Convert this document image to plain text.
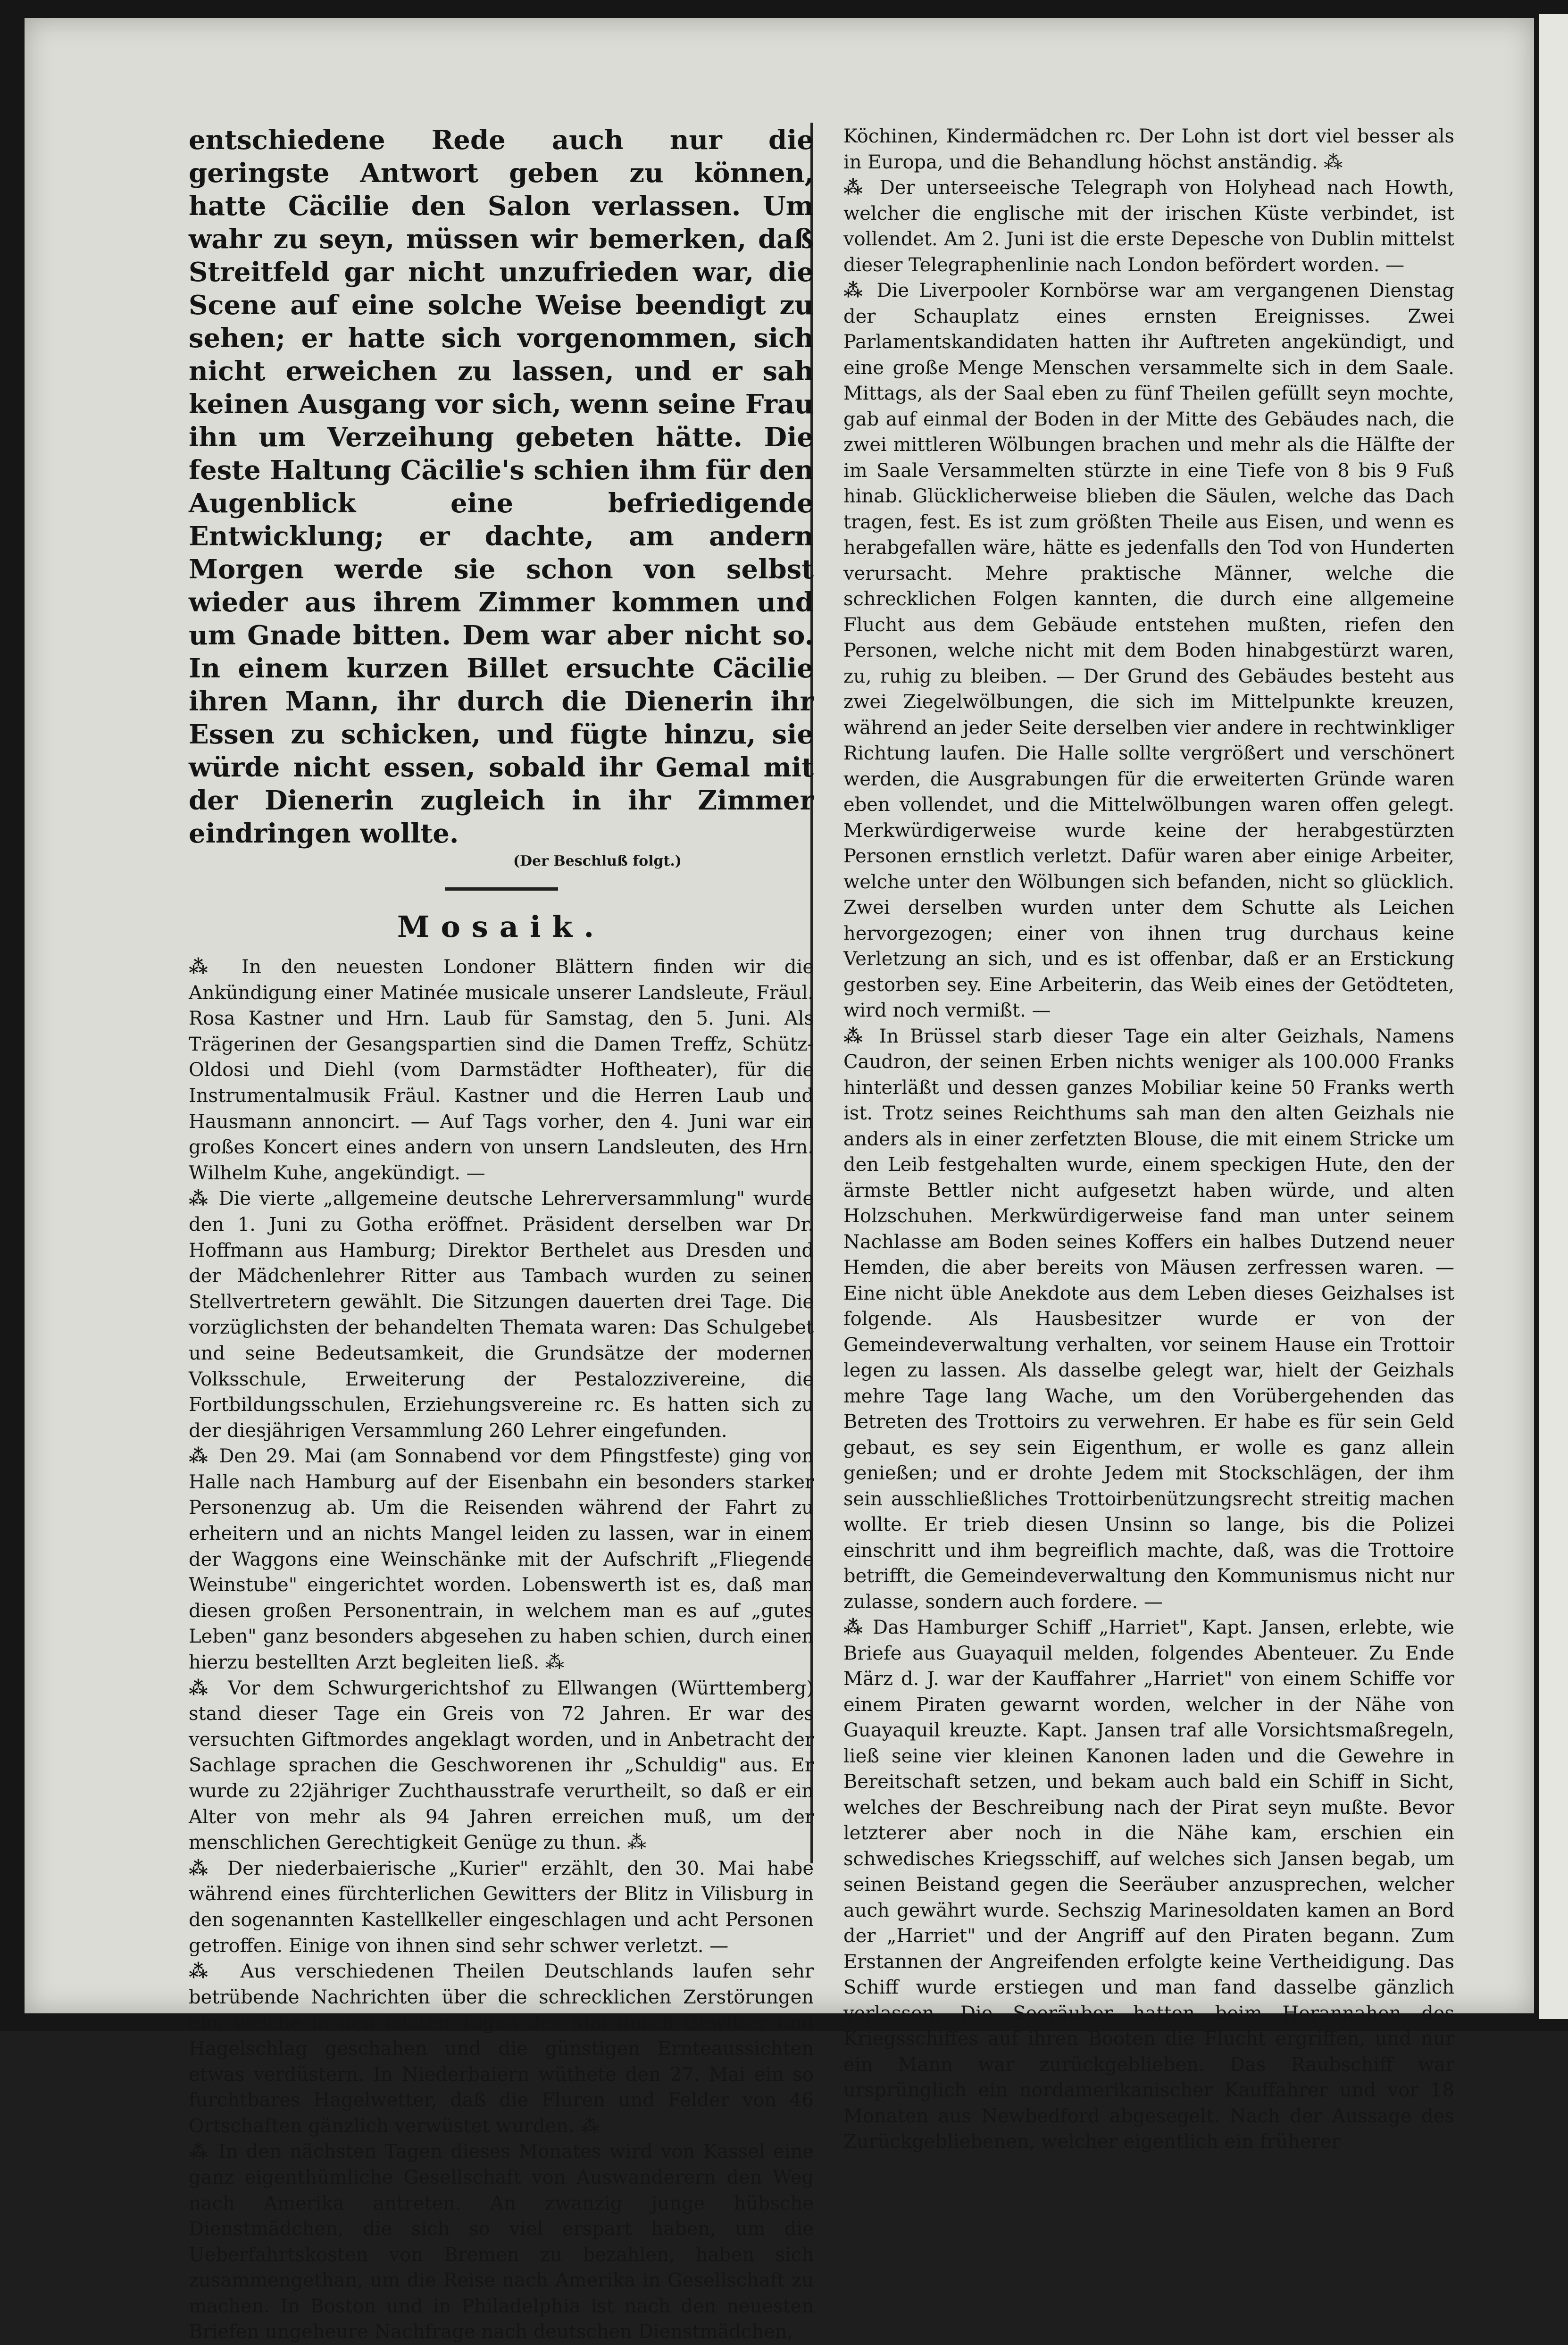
entschiedene Rede auch nur die geringste Antwort geben zu können, hatte Cäcilie den Salon verlassen. Um wahr zu seyn, müssen wir bemerken, daß Streitfeld gar nicht unzufrieden war, die Scene auf eine solche Weise beendigt zu sehen; er hatte sich vorgenommen, sich nicht erweichen zu lassen, und er sah keinen Ausgang vor sich, wenn seine Frau ihn um Verzeihung gebeten hätte. Die feste Haltung Cäcilie's schien ihm für den Augenblick eine befriedigende Entwicklung; er dachte, am andern Morgen werde sie schon von selbst wieder aus ihrem Zimmer kommen und um Gnade bitten. Dem war aber nicht so. In einem kurzen Billet ersuchte Cäcilie ihren Mann, ihr durch die Dienerin ihr Essen zu schicken, und fügte hinzu, sie würde nicht essen, sobald ihr Gemal mit der Dienerin zugleich in ihr Zimmer eindringen wollte.

(Der Beschluß folgt.)
Mosaik.

⁂ In den neuesten Londoner Blättern finden wir die Ankündigung einer Matinée musicale unserer Landsleute, Fräul. Rosa Kastner und Hrn. Laub für Samstag, den 5. Juni. Als Trägerinen der Gesangspartien sind die Damen Treffz, Schütz-Oldosi und Diehl (vom Darmstädter Hoftheater), für die Instrumentalmusik Fräul. Kastner und die Herren Laub und Hausmann annoncirt. — Auf Tags vorher, den 4. Juni war ein großes Koncert eines andern von unsern Landsleuten, des Hrn. Wilhelm Kuhe, angekündigt. —

⁂ Die vierte „allgemeine deutsche Lehrerversammlung" wurde den 1. Juni zu Gotha eröffnet. Präsident derselben war Dr. Hoffmann aus Hamburg; Direktor Berthelet aus Dresden und der Mädchenlehrer Ritter aus Tambach wurden zu seinen Stellvertretern gewählt. Die Sitzungen dauerten drei Tage. Die vorzüglichsten der behandelten Themata waren: Das Schulgebet und seine Bedeutsamkeit, die Grundsätze der modernen Volksschule, Erweiterung der Pestalozzivereine, die Fortbildungsschulen, Erziehungsvereine rc. Es hatten sich zu der diesjährigen Versammlung 260 Lehrer eingefunden.

⁂ Den 29. Mai (am Sonnabend vor dem Pfingstfeste) ging von Halle nach Hamburg auf der Eisenbahn ein besonders starker Personenzug ab. Um die Reisenden während der Fahrt zu erheitern und an nichts Mangel leiden zu lassen, war in einem der Waggons eine Weinschänke mit der Aufschrift „Fliegende Weinstube" eingerichtet worden. Lobenswerth ist es, daß man diesen großen Personentrain, in welchem man es auf „gutes Leben" ganz besonders abgesehen zu haben schien, durch einen hierzu bestellten Arzt begleiten ließ. ⁂

⁂ Vor dem Schwurgerichtshof zu Ellwangen (Württemberg) stand dieser Tage ein Greis von 72 Jahren. Er war des versuchten Giftmordes angeklagt worden, und in Anbetracht der Sachlage sprachen die Geschworenen ihr „Schuldig" aus. Er wurde zu 22jähriger Zuchthausstrafe verurtheilt, so daß er ein Alter von mehr als 94 Jahren erreichen muß, um der menschlichen Gerechtigkeit Genüge zu thun. ⁂

⁂ Der niederbaierische „Kurier" erzählt, den 30. Mai habe während eines fürchterlichen Gewitters der Blitz in Vilisburg in den sogenannten Kastellkeller eingeschlagen und acht Personen getroffen. Einige von ihnen sind sehr schwer verletzt. —

⁂ Aus verschiedenen Theilen Deutschlands laufen sehr betrübende Nachrichten über die schrecklichen Zerstörungen ein, welche in den letzten Tagen des Mai durch Gewitter und Hagelschlag geschahen und die günstigen Ernteaussichten etwas verdüstern. In Niederbaiern wüthete den 27. Mai ein so furchtbares Hagelwetter, daß die Fluren und Felder von 46 Ortschaften gänzlich verwüstet wurden. ⁂

⁂ In den nächsten Tagen dieses Monates wird von Kassel eine ganz eigenthümliche Gesellschaft von Auswanderern den Weg nach Amerika antreten. An zwanzig junge hübsche Dienstmädchen, die sich so viel erspart haben, um die Ueberfahrtskosten von Bremen zu bezahlen, haben sich zusammengethan, um die Reise nach Amerika in Gesellschaft zu machen. In Boston und in Philadelphia ist nach den neuesten Briefen ungeheure Nachfrage nach deutschen Dienstmädchen,

Köchinen, Kindermädchen rc. Der Lohn ist dort viel besser als in Europa, und die Behandlung höchst anständig. ⁂

⁂ Der unterseeische Telegraph von Holyhead nach Howth, welcher die englische mit der irischen Küste verbindet, ist vollendet. Am 2. Juni ist die erste Depesche von Dublin mittelst dieser Telegraphenlinie nach London befördert worden. —

⁂ Die Liverpooler Kornbörse war am vergangenen Dienstag der Schauplatz eines ernsten Ereignisses. Zwei Parlamentskandidaten hatten ihr Auftreten angekündigt, und eine große Menge Menschen versammelte sich in dem Saale. Mittags, als der Saal eben zu fünf Theilen gefüllt seyn mochte, gab auf einmal der Boden in der Mitte des Gebäudes nach, die zwei mittleren Wölbungen brachen und mehr als die Hälfte der im Saale Versammelten stürzte in eine Tiefe von 8 bis 9 Fuß hinab. Glücklicherweise blieben die Säulen, welche das Dach tragen, fest. Es ist zum größten Theile aus Eisen, und wenn es herabgefallen wäre, hätte es jedenfalls den Tod von Hunderten verursacht. Mehre praktische Männer, welche die schrecklichen Folgen kannten, die durch eine allgemeine Flucht aus dem Gebäude entstehen mußten, riefen den Personen, welche nicht mit dem Boden hinabgestürzt waren, zu, ruhig zu bleiben. — Der Grund des Gebäudes besteht aus zwei Ziegelwölbungen, die sich im Mittelpunkte kreuzen, während an jeder Seite derselben vier andere in rechtwinkliger Richtung laufen. Die Halle sollte vergrößert und verschönert werden, die Ausgrabungen für die erweiterten Gründe waren eben vollendet, und die Mittelwölbungen waren offen gelegt. Merkwürdigerweise wurde keine der herabgestürzten Personen ernstlich verletzt. Dafür waren aber einige Arbeiter, welche unter den Wölbungen sich befanden, nicht so glücklich. Zwei derselben wurden unter dem Schutte als Leichen hervorgezogen; einer von ihnen trug durchaus keine Verletzung an sich, und es ist offenbar, daß er an Erstickung gestorben sey. Eine Arbeiterin, das Weib eines der Getödteten, wird noch vermißt. —

⁂ In Brüssel starb dieser Tage ein alter Geizhals, Namens Caudron, der seinen Erben nichts weniger als 100.000 Franks hinterläßt und dessen ganzes Mobiliar keine 50 Franks werth ist. Trotz seines Reichthums sah man den alten Geizhals nie anders als in einer zerfetzten Blouse, die mit einem Stricke um den Leib festgehalten wurde, einem speckigen Hute, den der ärmste Bettler nicht aufgesetzt haben würde, und alten Holzschuhen. Merkwürdigerweise fand man unter seinem Nachlasse am Boden seines Koffers ein halbes Dutzend neuer Hemden, die aber bereits von Mäusen zerfressen waren. — Eine nicht üble Anekdote aus dem Leben dieses Geizhalses ist folgende. Als Hausbesitzer wurde er von der Gemeindeverwaltung verhalten, vor seinem Hause ein Trottoir legen zu lassen. Als dasselbe gelegt war, hielt der Geizhals mehre Tage lang Wache, um den Vorübergehenden das Betreten des Trottoirs zu verwehren. Er habe es für sein Geld gebaut, es sey sein Eigenthum, er wolle es ganz allein genießen; und er drohte Jedem mit Stockschlägen, der ihm sein ausschließliches Trottoirbenützungsrecht streitig machen wollte. Er trieb diesen Unsinn so lange, bis die Polizei einschritt und ihm begreiflich machte, daß, was die Trottoire betrifft, die Gemeindeverwaltung den Kommunismus nicht nur zulasse, sondern auch fordere. —

⁂ Das Hamburger Schiff „Harriet", Kapt. Jansen, erlebte, wie Briefe aus Guayaquil melden, folgendes Abenteuer. Zu Ende März d. J. war der Kauffahrer „Harriet" von einem Schiffe vor einem Piraten gewarnt worden, welcher in der Nähe von Guayaquil kreuzte. Kapt. Jansen traf alle Vorsichtsmaßregeln, ließ seine vier kleinen Kanonen laden und die Gewehre in Bereitschaft setzen, und bekam auch bald ein Schiff in Sicht, welches der Beschreibung nach der Pirat seyn mußte. Bevor letzterer aber noch in die Nähe kam, erschien ein schwedisches Kriegsschiff, auf welches sich Jansen begab, um seinen Beistand gegen die Seeräuber anzusprechen, welcher auch gewährt wurde. Sechszig Marinesoldaten kamen an Bord der „Harriet" und der Angriff auf den Piraten begann. Zum Erstannen der Angreifenden erfolgte keine Vertheidigung. Das Schiff wurde erstiegen und man fand dasselbe gänzlich verlassen. Die Seeräuber hatten beim Herannahen des Kriegsschiffes auf ihren Booten die Flucht ergriffen, und nur ein Mann war zurückgeblieben. Das Raubschiff war ursprünglich ein nordamerikanischer Kauffahrer und vor 18 Monaten aus Newbedford abgesegelt. Nach der Aussage des Zurückgebliebenen, welcher eigentlich ein früherer
